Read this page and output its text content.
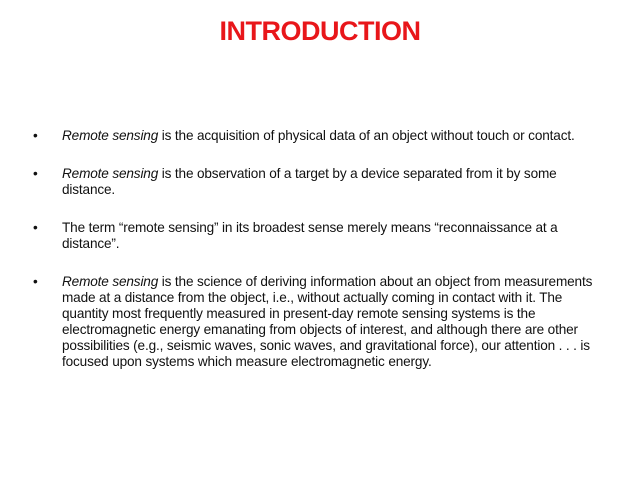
INTRODUCTION
• Remote sensing is the acquisition of physical data of an object without touch or contact.
• Remote sensing is the observation of a target by a device separated from it by some distance.
• The term “remote sensing” in its broadest sense merely means “reconnaissance at a distance”.
• Remote sensing is the science of deriving information about an object from measurements made at a distance from the object, i.e., without actually coming in contact with it. The quantity most frequently measured in present-day remote sensing systems is the electromagnetic energy emanating from objects of interest, and although there are other possibilities (e.g., seismic waves, sonic waves, and gravitational force), our attention . . . is focused upon systems which measure electromagnetic energy.
